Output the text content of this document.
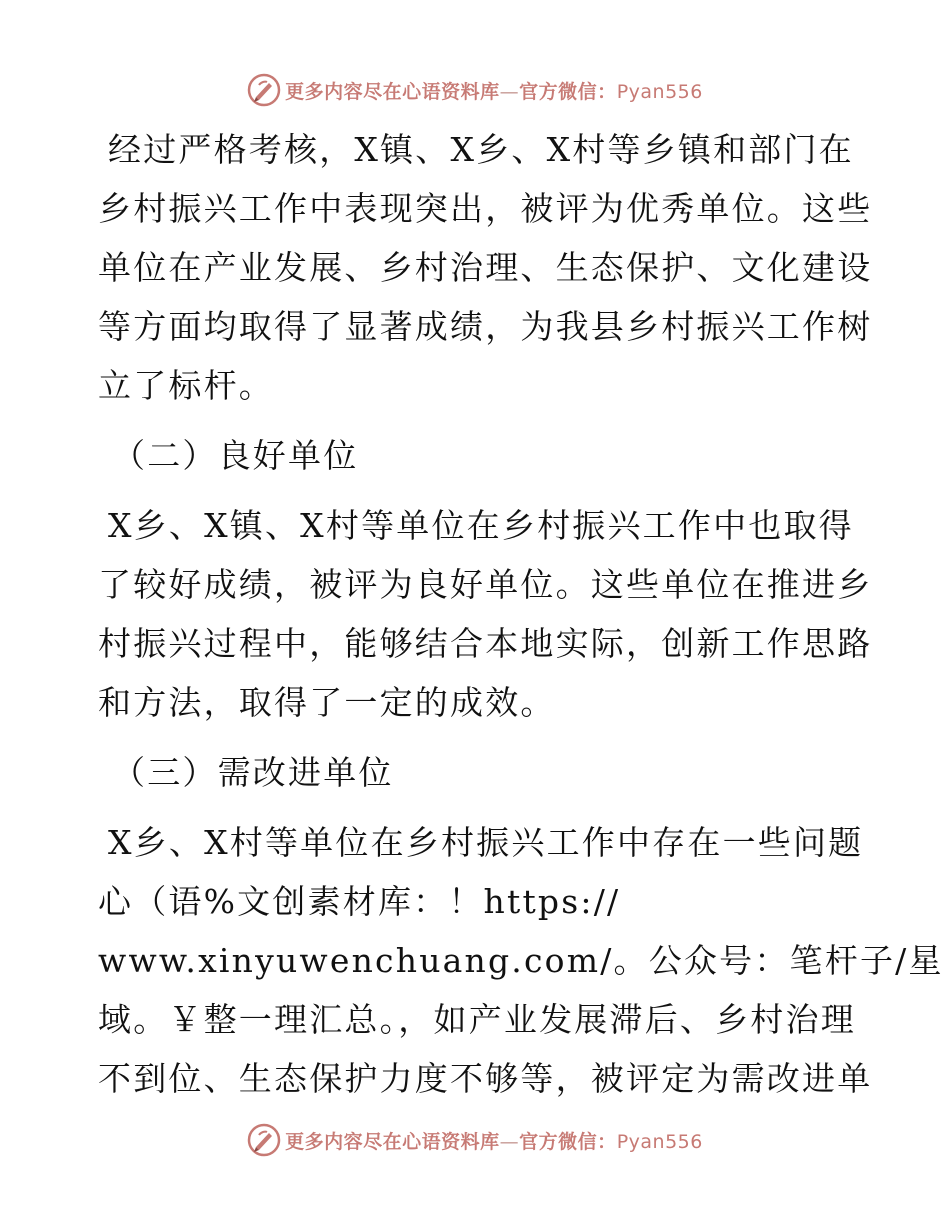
更多内容尽在心语资料库—官方微信：Pyan556
经过严格考核，X镇、X乡、X村等乡镇和部门在
乡村振兴工作中表现突出，被评为优秀单位。这些
单位在产业发展、乡村治理、生态保护、文化建设
等方面均取得了显著成绩，为我县乡村振兴工作树
立了标杆。
（二）良好单位
X乡、X镇、X村等单位在乡村振兴工作中也取得
了较好成绩，被评为良好单位。这些单位在推进乡
村振兴过程中，能够结合本地实际，创新工作思路
和方法，取得了一定的成效。
（三）需改进单位
X乡、X村等单位在乡村振兴工作中存在一些问题
心（语%文创素材库：！https://
www.xinyuwenchuang.com/。公众号：笔杆子/星
域。￥整一理汇总。，如产业发展滞后、乡村治理
不到位、生态保护力度不够等，被评定为需改进单
更多内容尽在心语资料库—官方微信：Pyan556
